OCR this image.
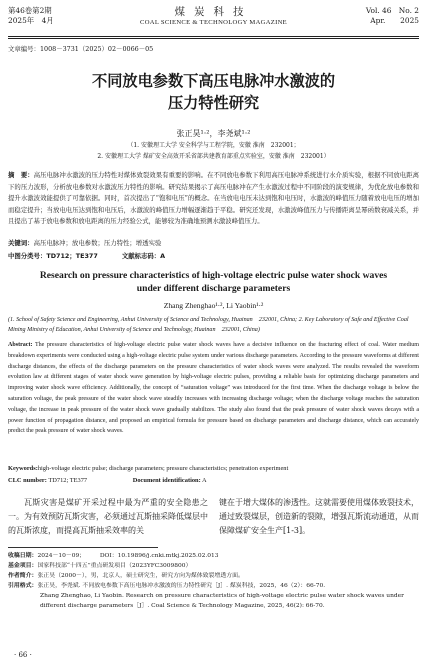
第46卷第2期
2025年　4月
煤炭科技
COAL SCIENCE & TECHNOLOGY MAGAZINE
Vol. 46　No. 2
Apr.　　2025
文章编号：1008－3731（2025）02－0066－05
不同放电参数下高压电脉冲水激波的
压力特性研究
张正昊¹·²，李尧斌¹·²
（1. 安徽理工大学 安全科学与工程学院，安徽 淮南　232001；
2. 安徽理工大学 煤矿安全高效开采省部共建教育部重点实验室，安徽 淮南　232001）
摘　要：高压电脉冲水激波的压力特性对煤体致裂效果有重要的影响。在不同放电参数下利用高压电脉冲系统进行水介质实验，根据不同放电距离下的压力波形，分析放电参数对水激波压力特性的影响。研究结果揭示了高压电脉冲在产生水激波过程中不同阶段的演变规律，为优化放电参数和提升水激波效能提供了可靠依据。同时，首次提出了“饱和电压”的概念。在当放电电压未达到饱和电压时，水激波的峰值压力随着放电电压的增加而稳定提升；当放电电压达到饱和电压后，水激波的峰值压力增幅逐渐趋于平稳。研究还发现，水激波峰值压力与传播距离呈幂函数衰减关系，并且提出了基于放电参数和放电距离的压力经验公式，能够较为准确地预测水激波峰值压力。
关键词：高压电脉冲；放电参数；压力特性；增透实验
中图分类号：TD712；TE377	文献标志码：A
Research on pressure characteristics of high-voltage electric pulse water shock waves
under different discharge parameters
Zhang Zhenghao¹·², Li Yaobin¹·²
(1. School of Safety Science and Engineering, Anhui University of Science and Technology, Huainan　232001, China; 2. Key Laboratory of Safe and Effective Coal Mining Ministry of Education, Anhui University of Science and Technology, Huainan　232001, China)
Abstract: The pressure characteristics of high-voltage electric pulse water shock waves have a decisive influence on the fracturing effect of coal. Water medium breakdown experiments were conducted using a high-voltage electric pulse system under various discharge parameters. According to the pressure waveforms at different discharge distances, the effects of the discharge parameters on the pressure characteristics of water shock waves were analyzed. The results revealed the waveform evolution law at different stages of water shock wave generation by high-voltage electric pulses, providing a reliable basis for optimizing discharge parameters and improving water shock wave efficiency. Additionally, the concept of “saturation voltage” was introduced for the first time. When the discharge voltage is below the saturation voltage, the peak pressure of the water shock wave steadily increases with increasing discharge voltage; when the discharge voltage reaches the saturation voltage, the increase in peak pressure of the water shock wave gradually stabilizes. The study also found that the peak pressure of water shock waves decays with a power function of propagation distance, and proposed an empirical formula for pressure based on discharge parameters and discharge distance, which can accurately predict the peak pressure of water shock waves.
Keywords:high-voltage electric pulse; discharge parameters; pressure characteristics; penetration experiment
CLC number: TD712; TE377	Document identification: A
瓦斯灾害是煤矿开采过程中最为严重的安全隐患之一。为有效预防瓦斯灾害，必须通过瓦斯抽采降低煤层中的瓦斯浓度，而提高瓦斯抽采效率的关
键在于增大煤体的渗透性。这就需要使用煤体致裂技术，通过致裂煤层，创造新的裂隙，增强瓦斯流动通道，从而保障煤矿安全生产[1-3]。

收稿日期：2024－10－09；　　　DOI：10.19896/j.cnki.mtkj.2025.02.013

基金项目：国家科技部“十四五”重点研发项目（2023YFC3009800）

作者简介：张正昊（2000－），男，北京人，硕士研究生，研究方向为煤体致裂增透方面。

引用格式：张正昊，李尧斌. 不同放电参数下高压电脉冲水激波的压力特性研究［J］. 煤炭科技，2025，46（2）：66-70.

Zhang Zhenghao, Li Yaobin. Research on pressure characteristics of high-voltage electric pulse water shock waves under different discharge parameters［J］. Coal Science & Technology Magazine, 2025, 46(2): 66-70.

· 66 ·
